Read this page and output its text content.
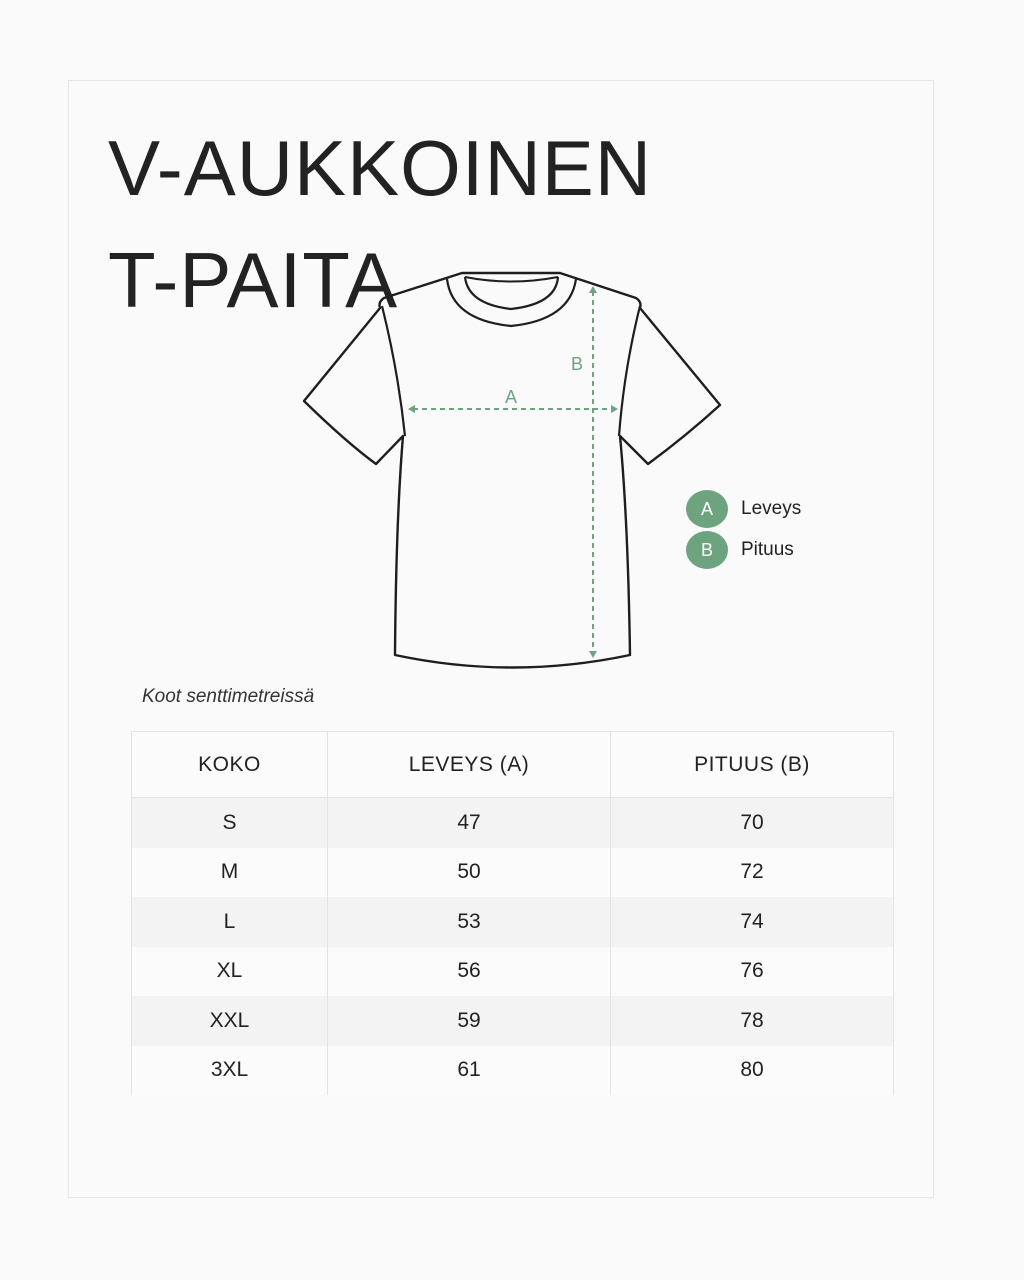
V-AUKKOINEN
T-PAITA
A
B
A	Leveys
B	Pituus
Koot senttimetreissä
KOKO	LEVEYS (A)	PITUUS (B)
S	47	70
M	50	72
L	53	74
XL	56	76
XXL	59	78
3XL	61	80
